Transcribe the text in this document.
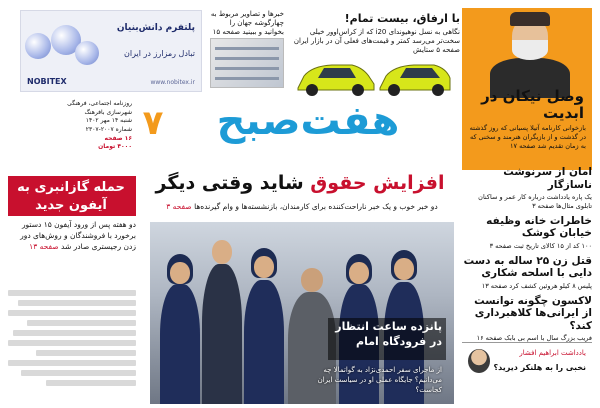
پلتفرم دانش‌بنیان
تبادل رمزارز در ایران
NOBITEX	www.nobitex.ir
خبرها و تصاویر مربوط به چهارگوشه جهان را بخوانید و ببینید صفحه ۱۵
با ارفاق، بیست تمام!
نگاهی به نسل نوهیوندای i20 که از کراس‌اوور خیلی سخت‌تر می‌رسد کمتر و قیمت‌های فعلی آن در بازار ایران صفحه ۵ ستایش
وصل نیکان در ابدیت
بازخوانی کارنامه آتیلا پسیانی که روز گذشته در گذشت و از بازیگران هنرمند و سخنی که به زمان تقدیم شد صفحه ۱۷
هفت‌صبح
۷
روزنامه اجتماعی، فرهنگی
شهرسازی بافرهنگ
شنبه ۱۴ مهر ۱۴۰۲
شماره ۲۰۰۷-۲۳۰۷
۱۶ صفحه
۴۰۰۰ تومان
حمله گازانبری به آیفون جدید
دو هفته پس از ورود آیفون ۱۵ دستور برخورد با فروشندگان و روش‌های دور زدن رجیستری صادر شد صفحه ۱۳
افزایش حقوق شاید وقتی دیگر
دو خبر خوب و یک خبر ناراحت‌کننده برای کارمندان، بازنشسته‌ها و وام گیرنده‌ها صفحه ۳
پانزده ساعت انتظار در فرودگاه امام
از ماجرای سفر احمدی‌نژاد به گواتمالا چه می‌دانیم؟ جایگاه عملی او در سیاست ایران کجاست؟
امان از سرنوشت ناسازگار
یک پاره یادداشت درباره کار عمر و ساکنان تابلوی مثال‌ها صفحه ۳
خاطرات خانه وظیفه خیابان کوشک
۱۰۰ کد از ۱۵ کالای تاریخ ثبت صفحه ۳
قتل زن ۲۵ ساله به دست دایی با اسلحه شکاری
پلیس ۸ کیلو هروئین کشف کرد صفحه ۱۳
لاکسون چگونه توانست از ایرانی‌ها کلاهبرداری کند؟
فریب بزرگ سال با اسم بی بابک صفحه ۱۶
یادداشت ابراهیم افشار
نخبی را به هلنکر دیرید؟
